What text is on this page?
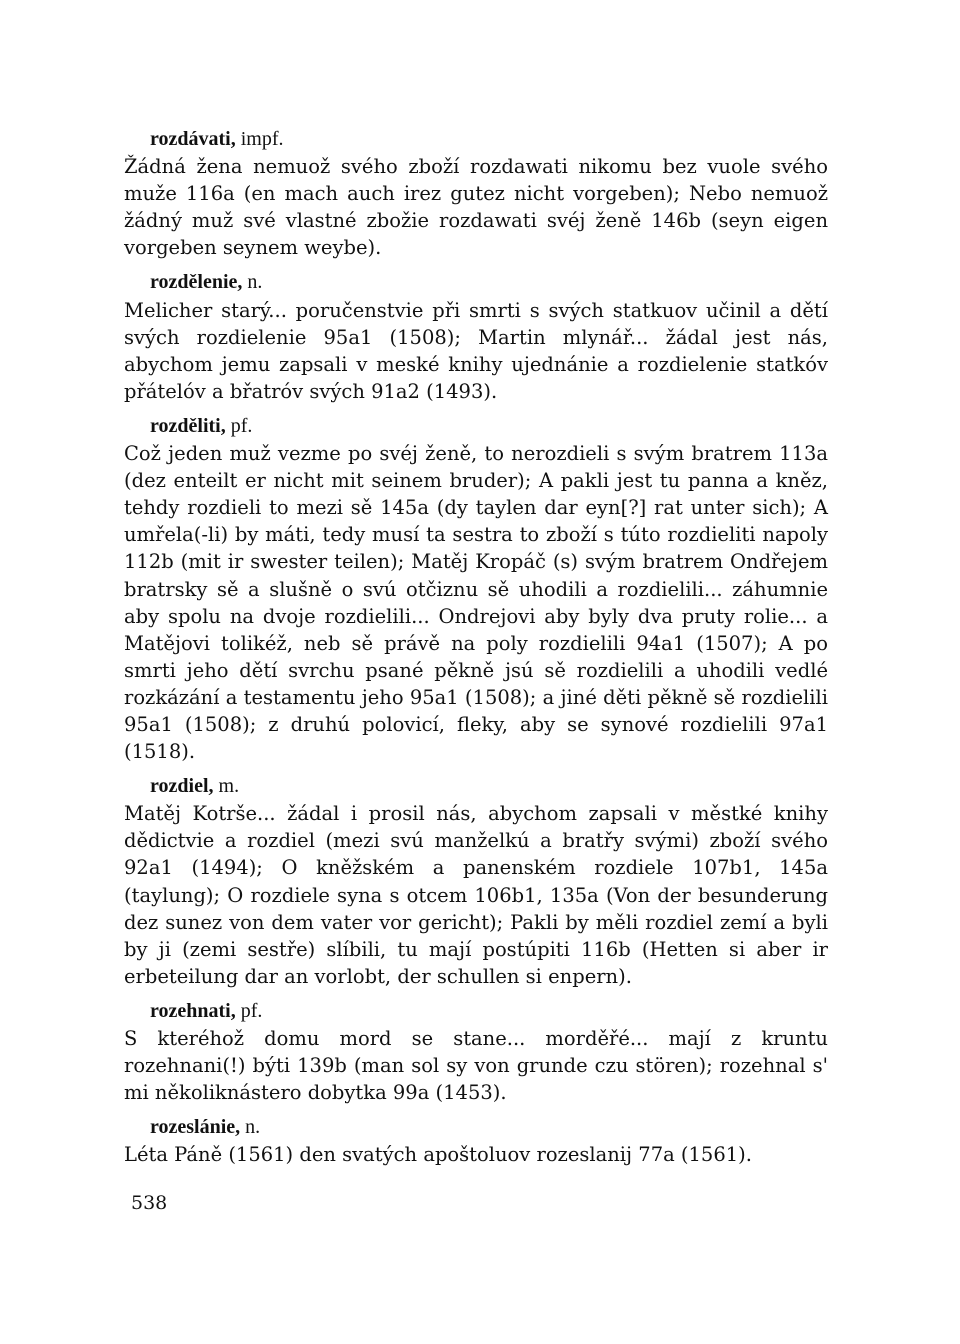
rozdávati, impf.

Žádná žena nemuož svého zboží rozdawati nikomu bez vuole svého muže 116a (en mach auch irez gutez nicht vorgeben); Nebo nemuož žádný muž své vlastné zbožie rozdawati svéj ženě 146b (seyn eigen vorgeben seynem weybe).

rozdělenie, n.

Melicher starý... poručenstvie při smrti s svých statkuov učinil a dětí svých rozdielenie 95a1 (1508); Martin mlynář... žádal jest nás, abychom jemu zapsali v meské knihy ujednánie a rozdielenie statkóv přátelóv a břatróv svých 91a2 (1493).

rozděliti, pf.

Což jeden muž vezme po svéj ženě, to nerozdieli s svým bratrem 113a (dez enteilt er nicht mit seinem bruder); A pakli jest tu panna a kněz, tehdy rozdieli to mezi sě 145a (dy taylen dar eyn[?] rat unter sich); A umřela(-li) by máti, tedy musí ta sestra to zboží s túto rozdieliti napoly 112b (mit ir swester teilen); Matěj Kropáč (s) svým bratrem Ondřejem bratrsky sě a slušně o svú otčiznu sě uhodili a rozdielili... záhumnie aby spolu na dvoje rozdielili... Ondrejovi aby byly dva pruty rolie... a Matějovi tolikéž, neb sě právě na poly rozdielili 94a1 (1507); A po smrti jeho dětí svrchu psané pěkně jsú sě rozdielili a uhodili vedlé rozkázání a testamentu jeho 95a1 (1508); a jiné děti pěkně sě rozdielili 95a1 (1508); z druhú polovicí, fleky, aby se synové rozdielili 97a1 (1518).

rozdiel, m.

Matěj Kotrše... žádal i prosil nás, abychom zapsali v městké knihy dědictvie a rozdiel (mezi svú manželkú a bratřy svými) zboží svého 92a1 (1494); O kněžském a panenském rozdiele 107b1, 145a (taylung); O rozdiele syna s otcem 106b1, 135a (Von der besunderung dez sunez von dem vater vor gericht); Pakli by měli rozdiel zemí a byli by ji (zemi sestře) slíbili, tu mají postúpiti 116b (Hetten si aber ir erbeteilung dar an vorlobt, der schullen si enpern).

rozehnati, pf.

S kteréhož domu mord se stane... morděřé... mají z kruntu rozehnani(!) býti 139b (man sol sy von grunde czu stören); rozehnal s' mi několiknástero dobytka 99a (1453).

rozeslánie, n.

Léta Páně (1561) den svatých apoštoluov rozeslanij 77a (1561).

538
